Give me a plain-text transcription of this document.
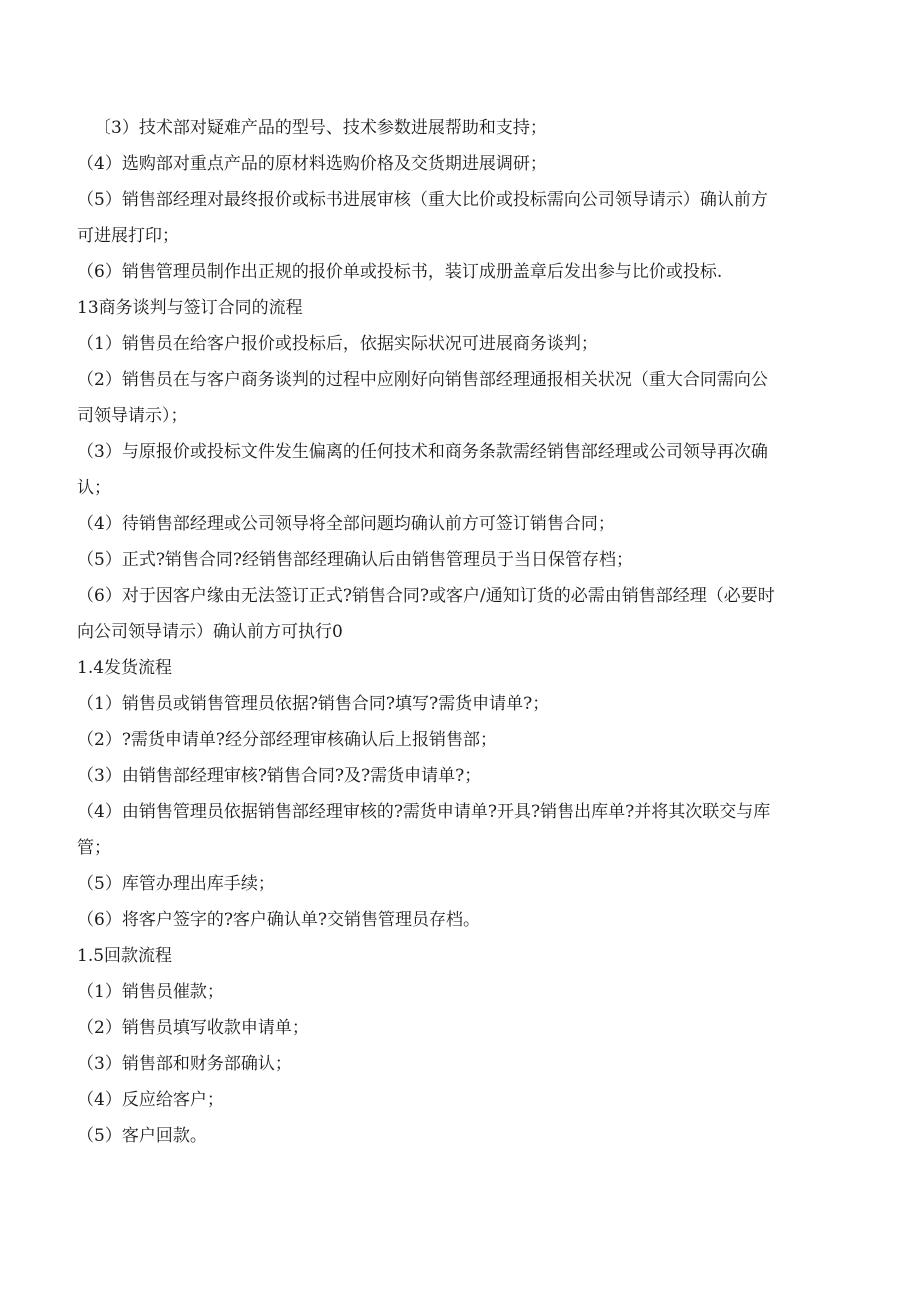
〔3）技术部对疑难产品的型号、技术参数进展帮助和支持；
（4）选购部对重点产品的原材料选购价格及交货期进展调研；
（5）销售部经理对最终报价或标书进展审核（重大比价或投标需向公司领导请示）确认前方
可进展打印；
（6）销售管理员制作出正规的报价单或投标书，装订成册盖章后发出参与比价或投标.
13商务谈判与签订合同的流程
（1）销售员在给客户报价或投标后，依据实际状况可进展商务谈判；
（2）销售员在与客户商务谈判的过程中应刚好向销售部经理通报相关状况（重大合同需向公
司领导请示）；
（3）与原报价或投标文件发生偏离的任何技术和商务条款需经销售部经理或公司领导再次确
认；
（4）待销售部经理或公司领导将全部问题均确认前方可签订销售合同；
（5）正式?销售合同?经销售部经理确认后由销售管理员于当日保管存档；
（6）对于因客户缘由无法签订正式?销售合同?或客户/通知订货的必需由销售部经理（必要时
向公司领导请示）确认前方可执行0
1.4发货流程
（1）销售员或销售管理员依据?销售合同?填写?需货申请单?；
（2）?需货申请单?经分部经理审核确认后上报销售部；
（3）由销售部经理审核?销售合同?及?需货申请单?；
（4）由销售管理员依据销售部经理审核的?需货申请单?开具?销售出库单?并将其次联交与库
管；
（5）库管办理出库手续；
（6）将客户签字的?客户确认单?交销售管理员存档。
1.5回款流程
（1）销售员催款；
（2）销售员填写收款申请单；
（3）销售部和财务部确认；
（4）反应给客户；
（5）客户回款。
